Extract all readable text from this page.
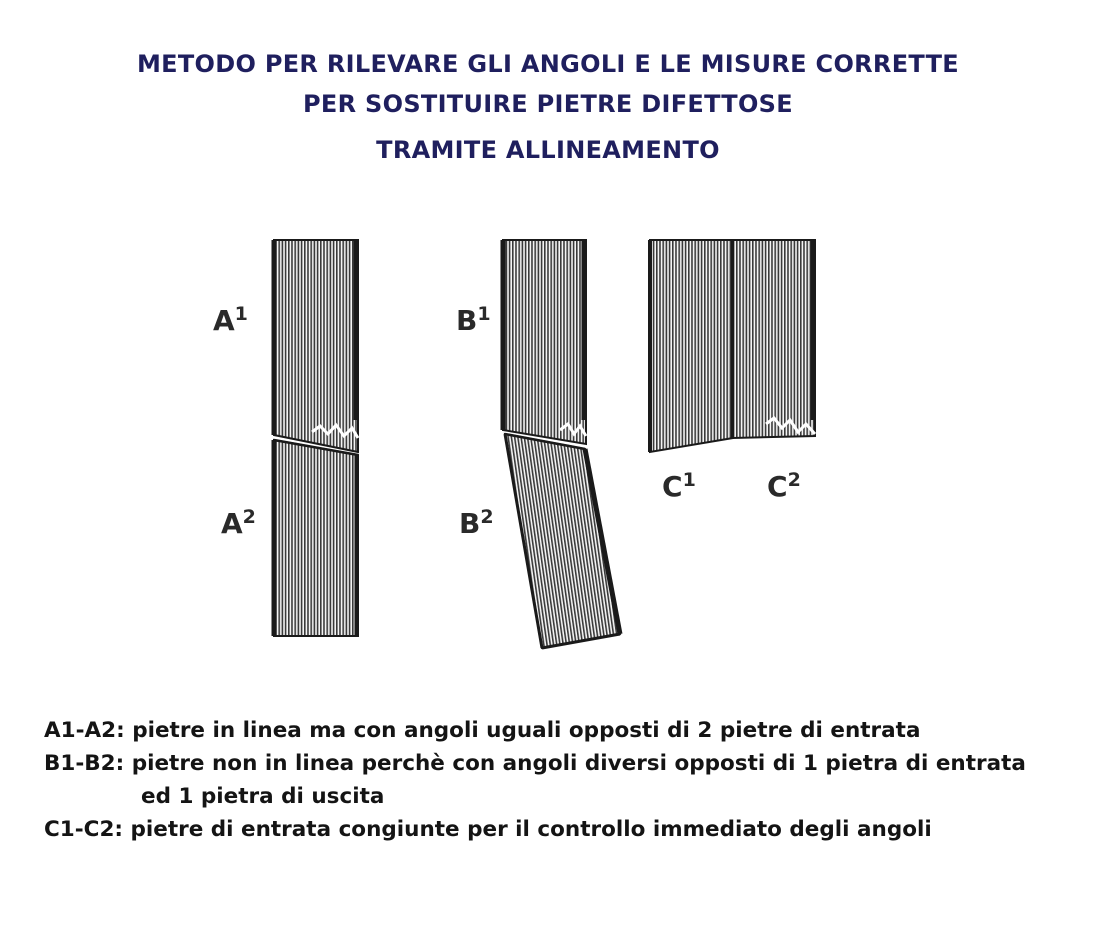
METODO PER RILEVARE GLI ANGOLI E LE MISURE CORRETTE
PER SOSTITUIRE PIETRE DIFETTOSE
TRAMITE ALLINEAMENTO
$A^1$
$A^2$
$B^1$
$B^2$
$C^1$	$C^2$
A1-A2: pietre in linea ma con angoli uguali opposti di 2 pietre di entrata
B1-B2: pietre non in linea perchè con angoli diversi opposti di 1 pietra di entrata
ed 1 pietra di uscita
C1-C2: pietre di entrata congiunte per il controllo immediato degli angoli
